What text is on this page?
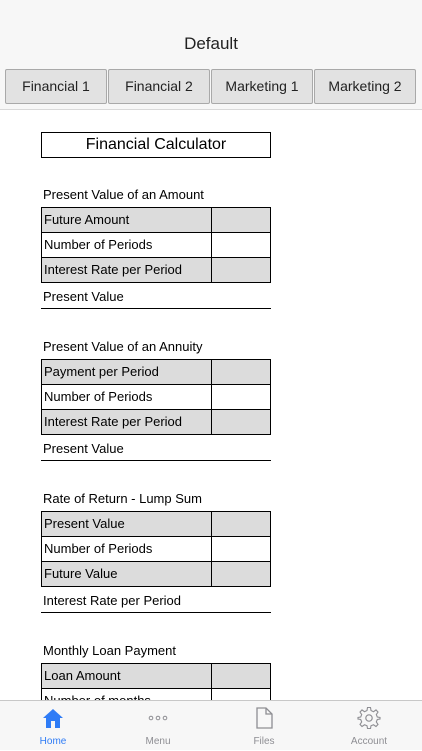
Default
Financial 1	Financial 2	Marketing 1	Marketing 2
Financial Calculator
Present Value of an Amount
Future Amount
Number of Periods
Interest Rate per Period
Present Value
Present Value of an Annuity
Payment per Period
Number of Periods
Interest Rate per Period
Present Value
Rate of Return - Lump Sum
Present Value
Number of Periods
Future Value
Interest Rate per Period
Monthly Loan Payment
Loan Amount
Home	Menu	Files	Account
